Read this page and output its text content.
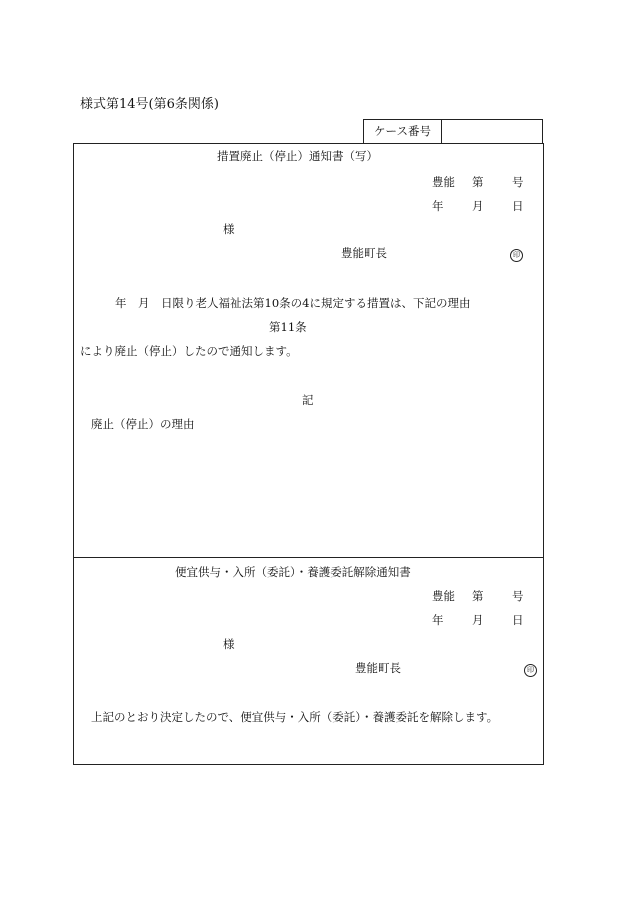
様式第14号(第6条関係)
ケース番号
措置廃止（停止）通知書（写）
豊能 第 号
年 月 日
様
豊能町長	印
年　月　日限り老人福祉法第10条の4に規定する措置は、下記の理由
第11条
により廃止（停止）したので通知します。
記
廃止（停止）の理由
便宜供与・入所（委託）・養護委託解除通知書
豊能 第 号
年 月 日
様
豊能町長	印
上記のとおり決定したので、便宜供与・入所（委託）・養護委託を解除します。
